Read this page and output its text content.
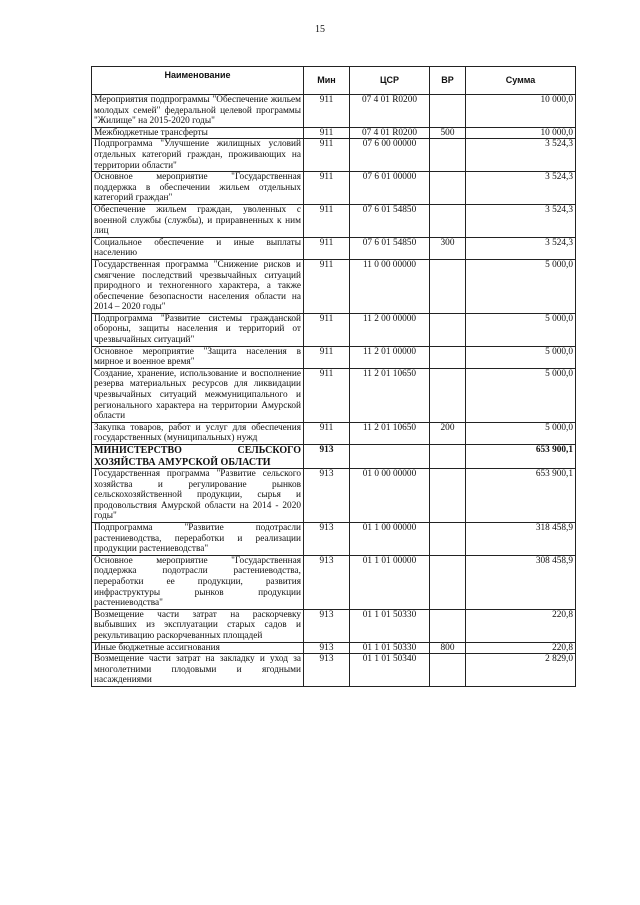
15
Наименование	Мин	ЦСР	ВР	Сумма
Мероприятия подпрограммы "Обеспечение жильем молодых семей" федеральной целевой программы "Жилище" на 2015-2020 годы"	911	07 4 01 R0200		10 000,0
Межбюджетные трансферты	911	07 4 01 R0200	500	10 000,0
Подпрограмма "Улучшение жилищных условий отдельных категорий граждан, проживающих на территории области"	911	07 6 00 00000		3 524,3
Основное мероприятие "Государственная поддержка в обеспечении жильем отдельных категорий граждан"	911	07 6 01 00000		3 524,3
Обеспечение жильем граждан, уволенных с военной службы (службы), и приравненных к ним лиц	911	07 6 01 54850		3 524,3
Социальное обеспечение и иные выплаты населению	911	07 6 01 54850	300	3 524,3
Государственная программа "Снижение рисков и смягчение последствий чрезвычайных ситуаций природного и техногенного характера, а также обеспечение безопасности населения области на 2014 – 2020 годы"	911	11 0 00 00000		5 000,0
Подпрограмма "Развитие системы гражданской обороны, защиты населения и территорий от чрезвычайных ситуаций"	911	11 2 00 00000		5 000,0
Основное мероприятие "Защита населения в мирное и военное время"	911	11 2 01 00000		5 000,0
Создание, хранение, использование и восполнение резерва материальных ресурсов для ликвидации чрезвычайных ситуаций межмуниципального и регионального характера на территории Амурской области	911	11 2 01 10650		5 000,0
Закупка товаров, работ и услуг для обеспечения государственных (муниципальных) нужд	911	11 2 01 10650	200	5 000,0
МИНИСТЕРСТВО СЕЛЬСКОГО ХОЗЯЙСТВА АМУРСКОЙ ОБЛАСТИ	913			653 900,1
Государственная программа "Развитие сельского хозяйства и регулирование рынков сельскохозяйственной продукции, сырья и продовольствия Амурской области на 2014 - 2020 годы"	913	01 0 00 00000		653 900,1
Подпрограмма "Развитие подотрасли растениеводства, переработки и реализации продукции растениеводства"	913	01 1 00 00000		318 458,9
Основное мероприятие "Государственная поддержка подотрасли растениеводства, переработки ее продукции, развития инфраструктуры рынков продукции растениеводства"	913	01 1 01 00000		308 458,9
Возмещение части затрат на раскорчевку выбывших из эксплуатации старых садов и рекультивацию раскорчеванных площадей	913	01 1 01 50330		220,8
Иные бюджетные ассигнования	913	01 1 01 50330	800	220,8
Возмещение части затрат на закладку и уход за многолетними плодовыми и ягодными насаждениями	913	01 1 01 50340		2 829,0
